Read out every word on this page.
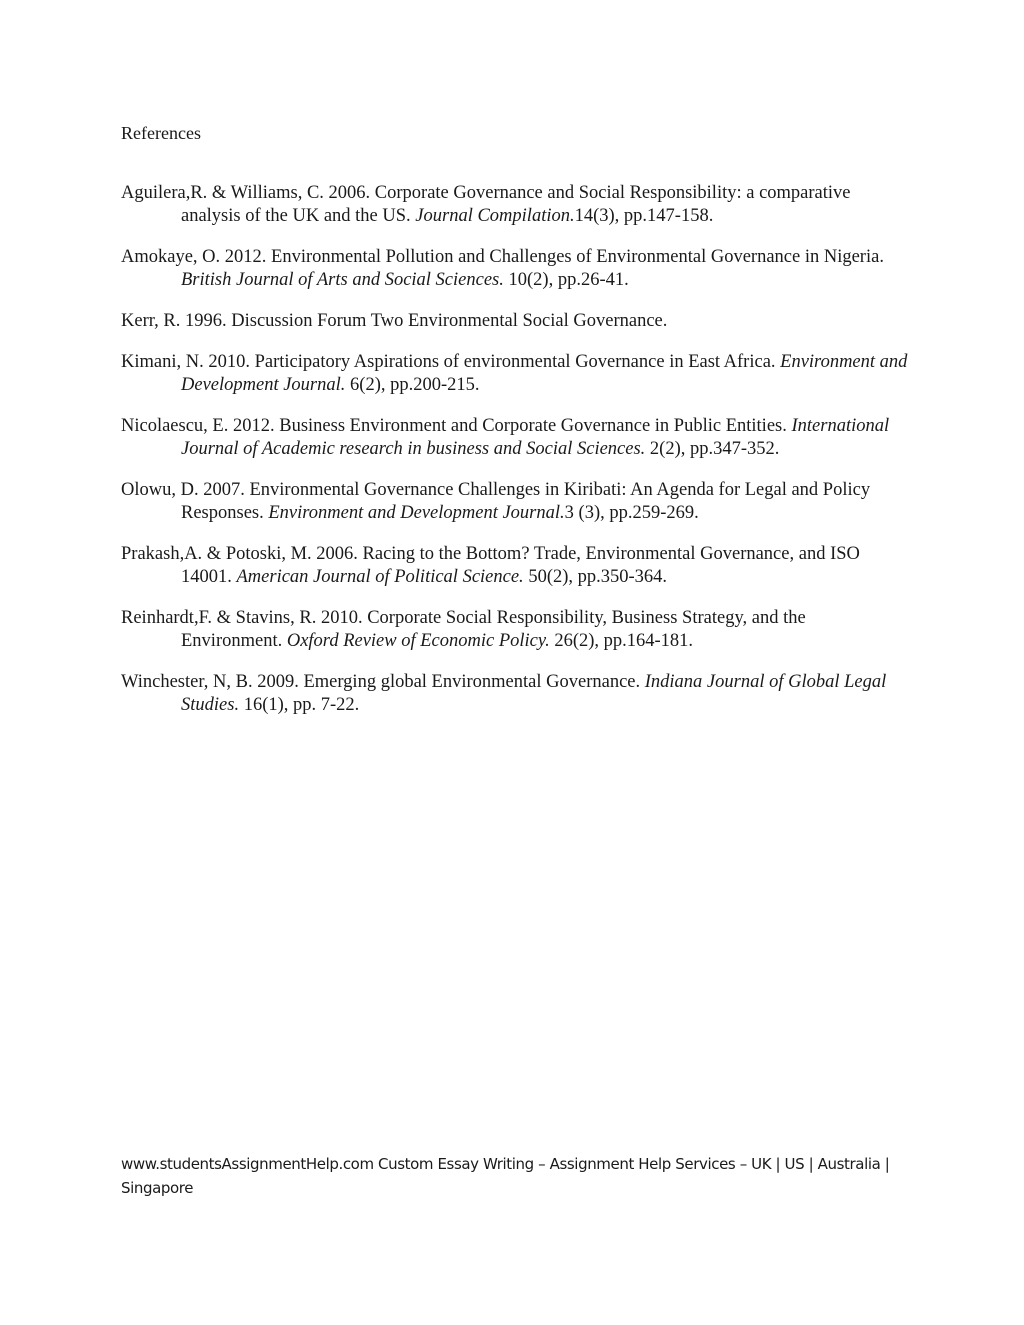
References

Aguilera,R. & Williams, C. 2006. Corporate Governance and Social Responsibility: a comparative analysis of the UK and the US. Journal Compilation.14(3), pp.147-158.

Amokaye, O. 2012. Environmental Pollution and Challenges of Environmental Governance in Nigeria. British Journal of Arts and Social Sciences. 10(2), pp.26-41.

Kerr, R. 1996. Discussion Forum Two Environmental Social Governance.

Kimani, N. 2010. Participatory Aspirations of environmental Governance in East Africa. Environment and Development Journal. 6(2), pp.200-215.

Nicolaescu, E. 2012. Business Environment and Corporate Governance in Public Entities. International Journal of Academic research in business and Social Sciences. 2(2), pp.347-352.

Olowu, D. 2007. Environmental Governance Challenges in Kiribati: An Agenda for Legal and Policy Responses. Environment and Development Journal.3 (3), pp.259-269.

Prakash,A. & Potoski, M. 2006. Racing to the Bottom? Trade, Environmental Governance, and ISO 14001. American Journal of Political Science. 50(2), pp.350-364.

Reinhardt,F. & Stavins, R. 2010. Corporate Social Responsibility, Business Strategy, and the Environment. Oxford Review of Economic Policy. 26(2), pp.164-181.

Winchester, N, B. 2009. Emerging global Environmental Governance. Indiana Journal of Global Legal Studies. 16(1), pp. 7-22.

www.studentsAssignmentHelp.com Custom Essay Writing – Assignment Help Services – UK | US | Australia | Singapore
